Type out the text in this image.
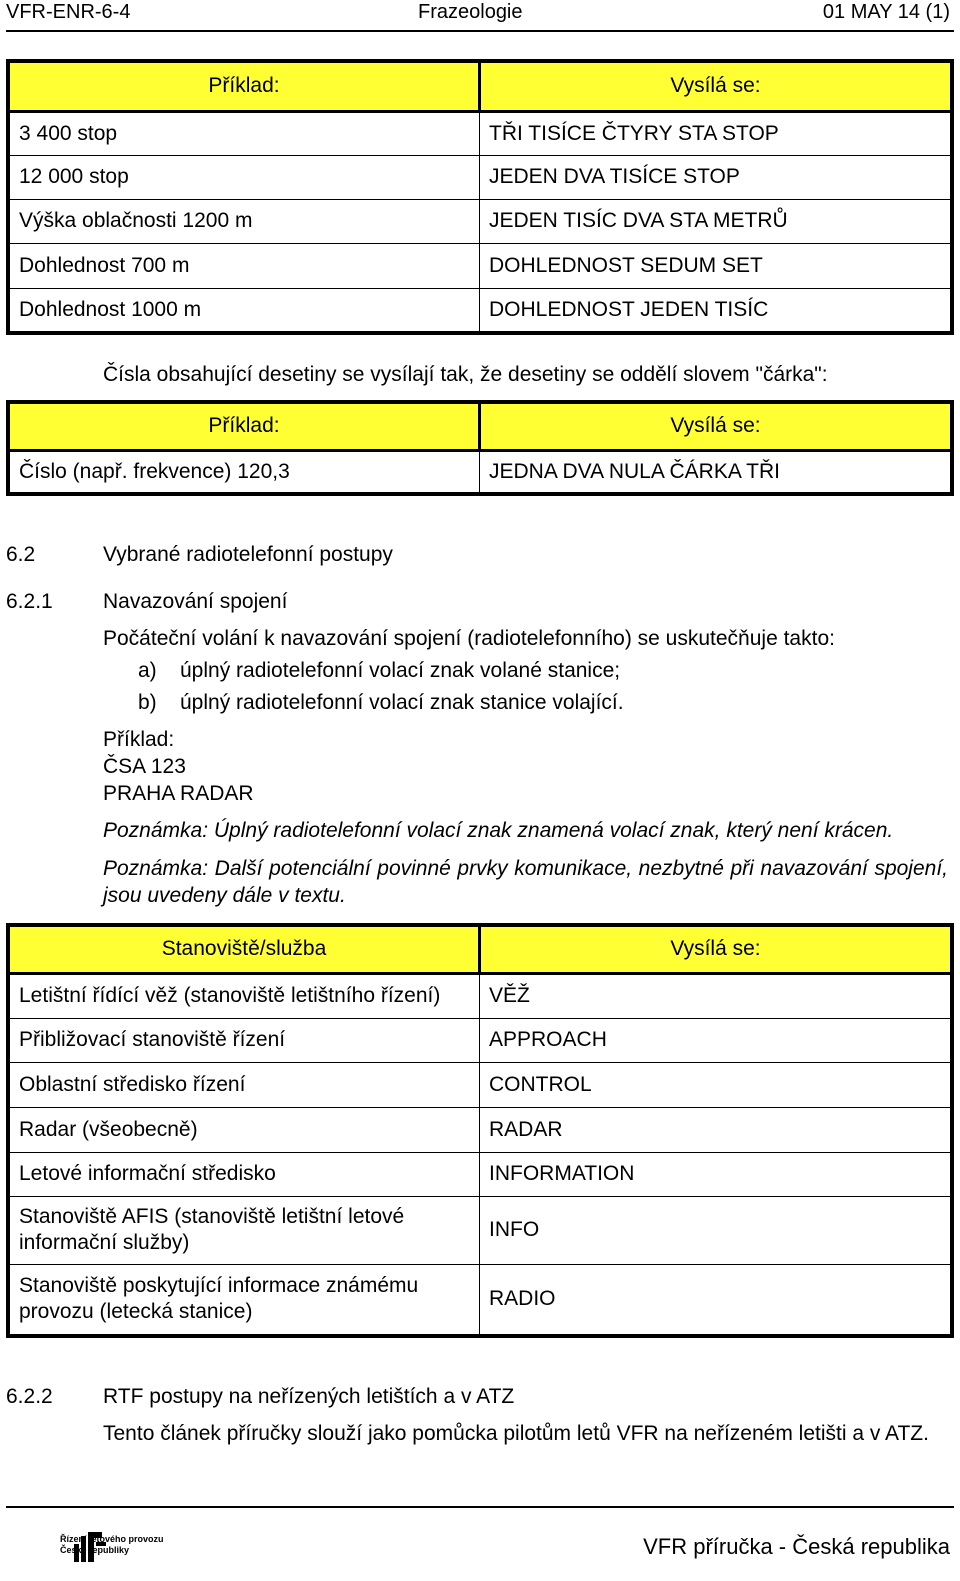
VFR-ENR-6-4	Frazeologie	01 MAY 14 (1)
Příklad:	Vysílá se:
3 400 stop	TŘI TISÍCE ČTYRY STA STOP
12 000 stop	JEDEN DVA TISÍCE STOP
Výška oblačnosti 1200 m	JEDEN TISÍC DVA STA METRŮ
Dohlednost 700 m	DOHLEDNOST SEDUM SET
Dohlednost 1000 m	DOHLEDNOST JEDEN TISÍC
Čísla obsahující desetiny se vysílají tak, že desetiny se oddělí slovem "čárka":
Příklad:	Vysílá se:
Číslo (např. frekvence) 120,3	JEDNA DVA NULA ČÁRKA TŘI
6.2	Vybrané radiotelefonní postupy
6.2.1 Navazování spojení
Počáteční volání k navazování spojení (radiotelefonního) se uskutečňuje takto:
a) úplný radiotelefonní volací znak volané stanice;
b) úplný radiotelefonní volací znak stanice volající.
Příklad:
ČSA 123
PRAHA RADAR
Poznámka: Úplný radiotelefonní volací znak znamená volací znak, který není krácen.
Poznámka: Další potenciální povinné prvky komunikace, nezbytné při navazování spojení, jsou uvedeny dále v textu.
Stanoviště/služba	Vysílá se:
Letištní řídící věž (stanoviště letištního řízení)	VĚŽ
Přibližovací stanoviště řízení	APPROACH
Oblastní středisko řízení	CONTROL
Radar (všeobecně)	RADAR
Letové informační středisko	INFORMATION
Stanoviště AFIS (stanoviště letištní letové informační služby)	INFO
Stanoviště poskytující informace známému provozu (letecká stanice)	RADIO
6.2.2 RTF postupy na neřízených letištích a v ATZ
Tento článek příručky slouží jako pomůcka pilotům letů VFR na neřízeném letišti a v ATZ.
Řízení letového provozu
České republiky	VFR příručka - Česká republika
